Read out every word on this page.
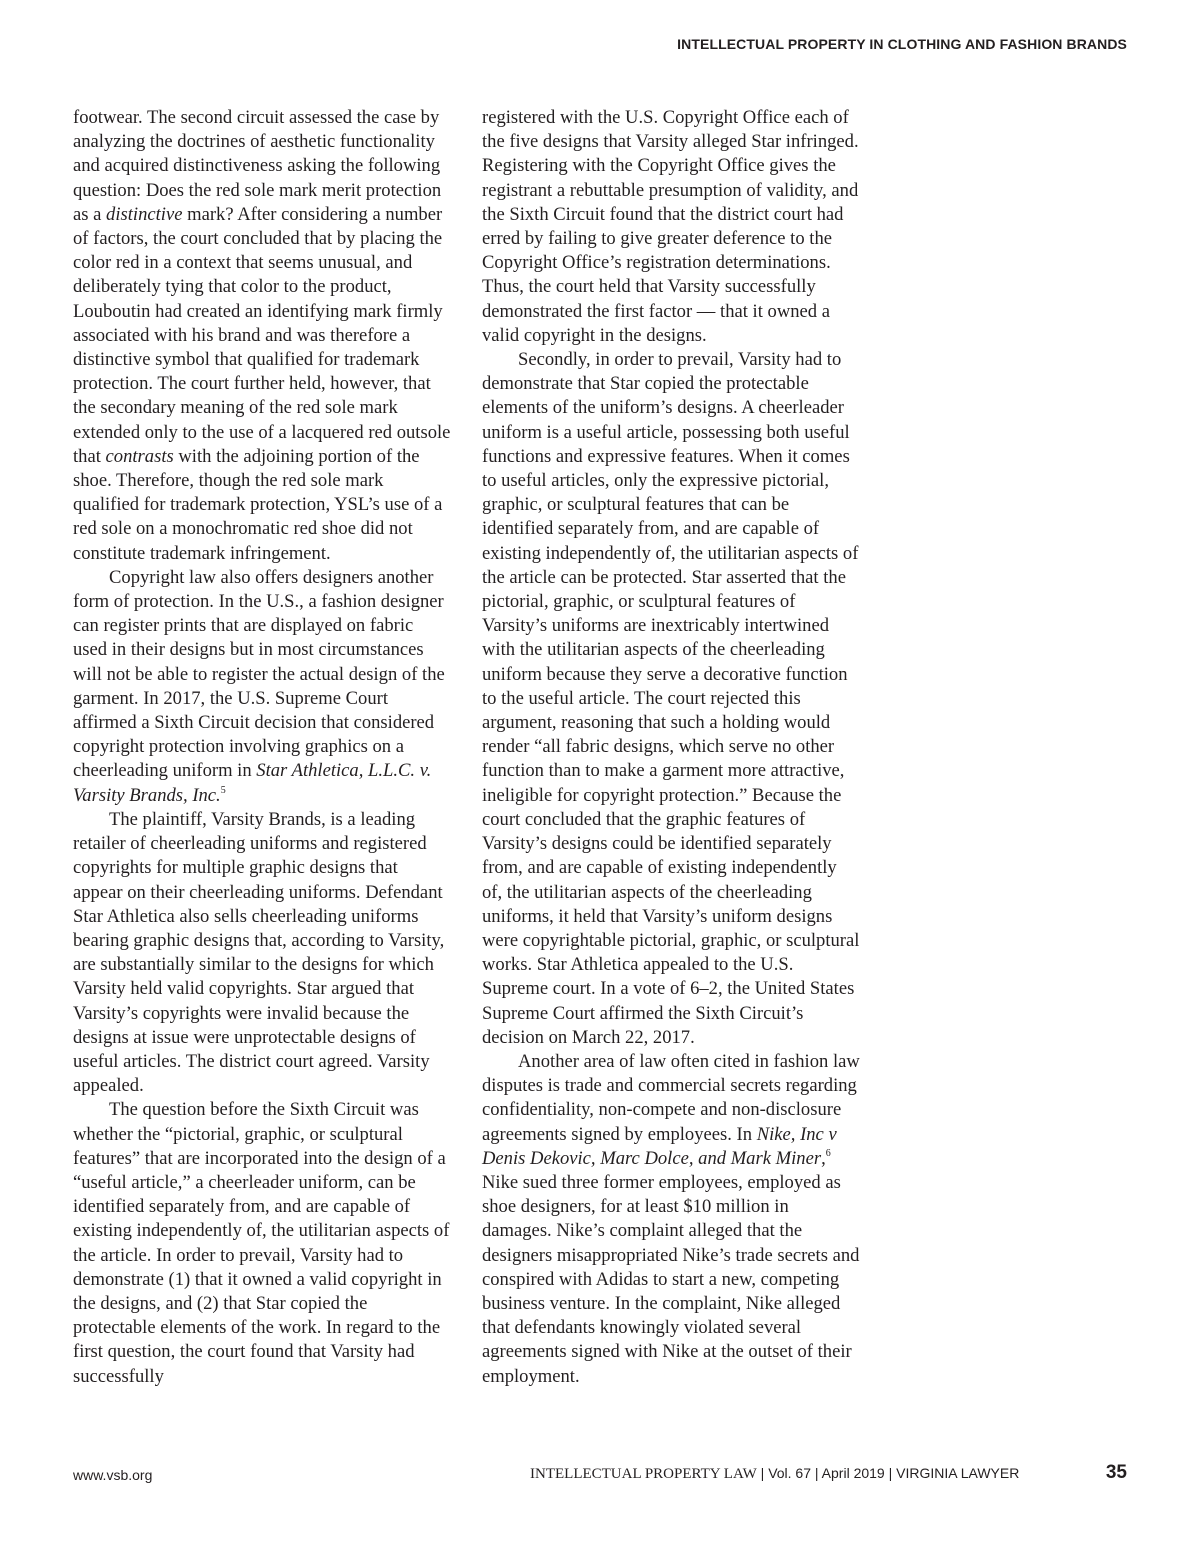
INTELLECTUAL PROPERTY IN CLOTHING AND FASHION BRANDS

footwear. The second circuit assessed the case by analyzing the doctrines of aesthetic functionality and acquired distinctiveness asking the following question: Does the red sole mark merit protection as a distinctive mark? After considering a number of factors, the court concluded that by placing the color red in a context that seems unusual, and deliberately tying that color to the product, Louboutin had created an identifying mark firmly associated with his brand and was therefore a distinctive symbol that qualified for trademark protection. The court further held, however, that the secondary meaning of the red sole mark extended only to the use of a lacquered red outsole that contrasts with the adjoining portion of the shoe. Therefore, though the red sole mark qualified for trademark protection, YSL’s use of a red sole on a monochromatic red shoe did not constitute trademark infringement.

Copyright law also offers designers another form of protection. In the U.S., a fashion designer can register prints that are displayed on fabric used in their designs but in most circumstances will not be able to register the actual design of the garment. In 2017, the U.S. Supreme Court affirmed a Sixth Circuit decision that considered copyright protection involving graphics on a cheerleading uniform in Star Athletica, L.L.C. v. Varsity Brands, Inc.$^5$

The plaintiff, Varsity Brands, is a leading retailer of cheerleading uniforms and registered copyrights for multiple graphic designs that appear on their cheerleading uniforms. Defendant Star Athletica also sells cheerleading uniforms bearing graphic designs that, according to Varsity, are substantially similar to the designs for which Varsity held valid copyrights. Star argued that Varsity’s copyrights were invalid because the designs at issue were unprotectable designs of useful articles. The district court agreed. Varsity appealed.

The question before the Sixth Circuit was whether the “pictorial, graphic, or sculptural features” that are incorporated into the design of a “useful article,” a cheerleader uniform, can be identified separately from, and are capable of existing independently of, the utilitarian aspects of the article. In order to prevail, Varsity had to demonstrate (1) that it owned a valid copyright in the designs, and (2) that Star copied the protectable elements of the work. In regard to the first question, the court found that Varsity had successfully

registered with the U.S. Copyright Office each of the five designs that Varsity alleged Star infringed. Registering with the Copyright Office gives the registrant a rebuttable presumption of validity, and the Sixth Circuit found that the district court had erred by failing to give greater deference to the Copyright Office’s registration determinations. Thus, the court held that Varsity successfully demonstrated the first factor — that it owned a valid copyright in the designs.

Secondly, in order to prevail, Varsity had to demonstrate that Star copied the protectable elements of the uniform’s designs. A cheerleader uniform is a useful article, possessing both useful functions and expressive features. When it comes to useful articles, only the expressive pictorial, graphic, or sculptural features that can be identified separately from, and are capable of existing independently of, the utilitarian aspects of the article can be protected. Star asserted that the pictorial, graphic, or sculptural features of Varsity’s uniforms are inextricably intertwined with the utilitarian aspects of the cheerleading uniform because they serve a decorative function to the useful article. The court rejected this argument, reasoning that such a holding would render “all fabric designs, which serve no other function than to make a garment more attractive, ineligible for copyright protection.” Because the court concluded that the graphic features of Varsity’s designs could be identified separately from, and are capable of existing independently of, the utilitarian aspects of the cheerleading uniforms, it held that Varsity’s uniform designs were copyrightable pictorial, graphic, or sculptural works. Star Athletica appealed to the U.S. Supreme court. In a vote of 6–2, the United States Supreme Court affirmed the Sixth Circuit’s decision on March 22, 2017.

Another area of law often cited in fashion law disputes is trade and commercial secrets regarding confidentiality, non-compete and non-disclosure agreements signed by employees. In Nike, Inc v Denis Dekovic, Marc Dolce, and Mark Miner,$^6$ Nike sued three former employees, employed as shoe designers, for at least $10 million in damages. Nike’s complaint alleged that the designers misappropriated Nike’s trade secrets and conspired with Adidas to start a new, competing business venture. In the complaint, Nike alleged that defendants knowingly violated several agreements signed with Nike at the outset of their employment.

www.vsb.org	INTELLECTUAL PROPERTY LAW | Vol. 67 | April 2019 | VIRGINIA LAWYER	35
